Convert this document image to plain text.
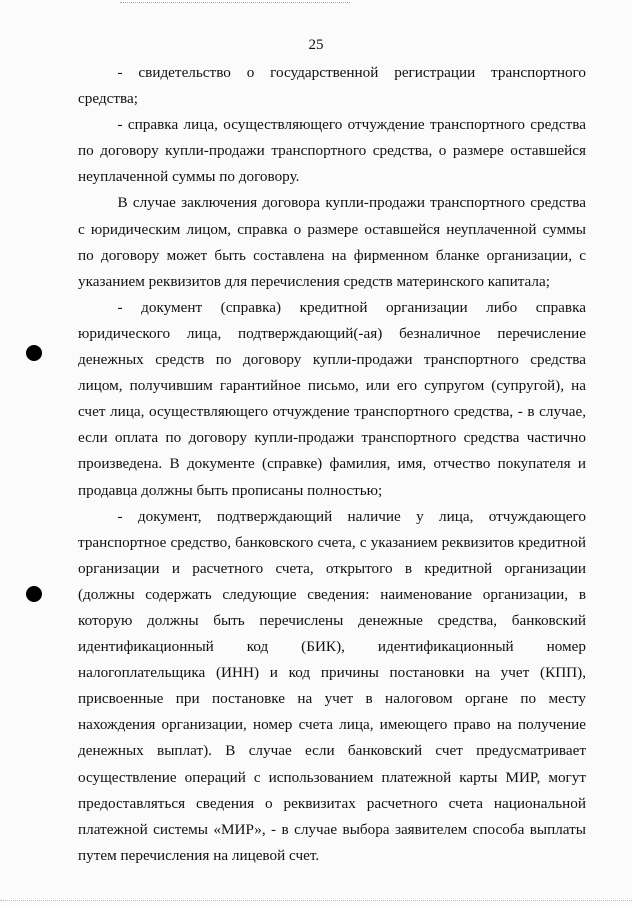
25

- свидетельство о государственной регистрации транспортного средства;

- справка лица, осуществляющего отчуждение транспортного средства по договору купли-продажи транспортного средства, о размере оставшейся неуплаченной суммы по договору.

В случае заключения договора купли-продажи транспортного средства с юридическим лицом, справка о размере оставшейся неуплаченной суммы по договору может быть составлена на фирменном бланке организации, с указанием реквизитов для перечисления средств материнского капитала;

- документ (справка) кредитной организации либо справка юридического лица, подтверждающий(-ая) безналичное перечисление денежных средств по договору купли-продажи транспортного средства лицом, получившим гарантийное письмо, или его супругом (супругой), на счет лица, осуществляющего отчуждение транспортного средства, - в случае, если оплата по договору купли-продажи транспортного средства частично произведена. В документе (справке) фамилия, имя, отчество покупателя и продавца должны быть прописаны полностью;

- документ, подтверждающий наличие у лица, отчуждающего транспортное средство, банковского счета, с указанием реквизитов кредитной организации и расчетного счета, открытого в кредитной организации (должны содержать следующие сведения: наименование организации, в которую должны быть перечислены денежные средства, банковский идентификационный код (БИК), идентификационный номер налогоплательщика (ИНН) и код причины постановки на учет (КПП), присвоенные при постановке на учет в налоговом органе по месту нахождения организации, номер счета лица, имеющего право на получение денежных выплат). В случае если банковский счет предусматривает осуществление операций с использованием платежной карты МИР, могут предоставляться сведения о реквизитах расчетного счета национальной платежной системы «МИР», - в случае выбора заявителем способа выплаты путем перечисления на лицевой счет.
